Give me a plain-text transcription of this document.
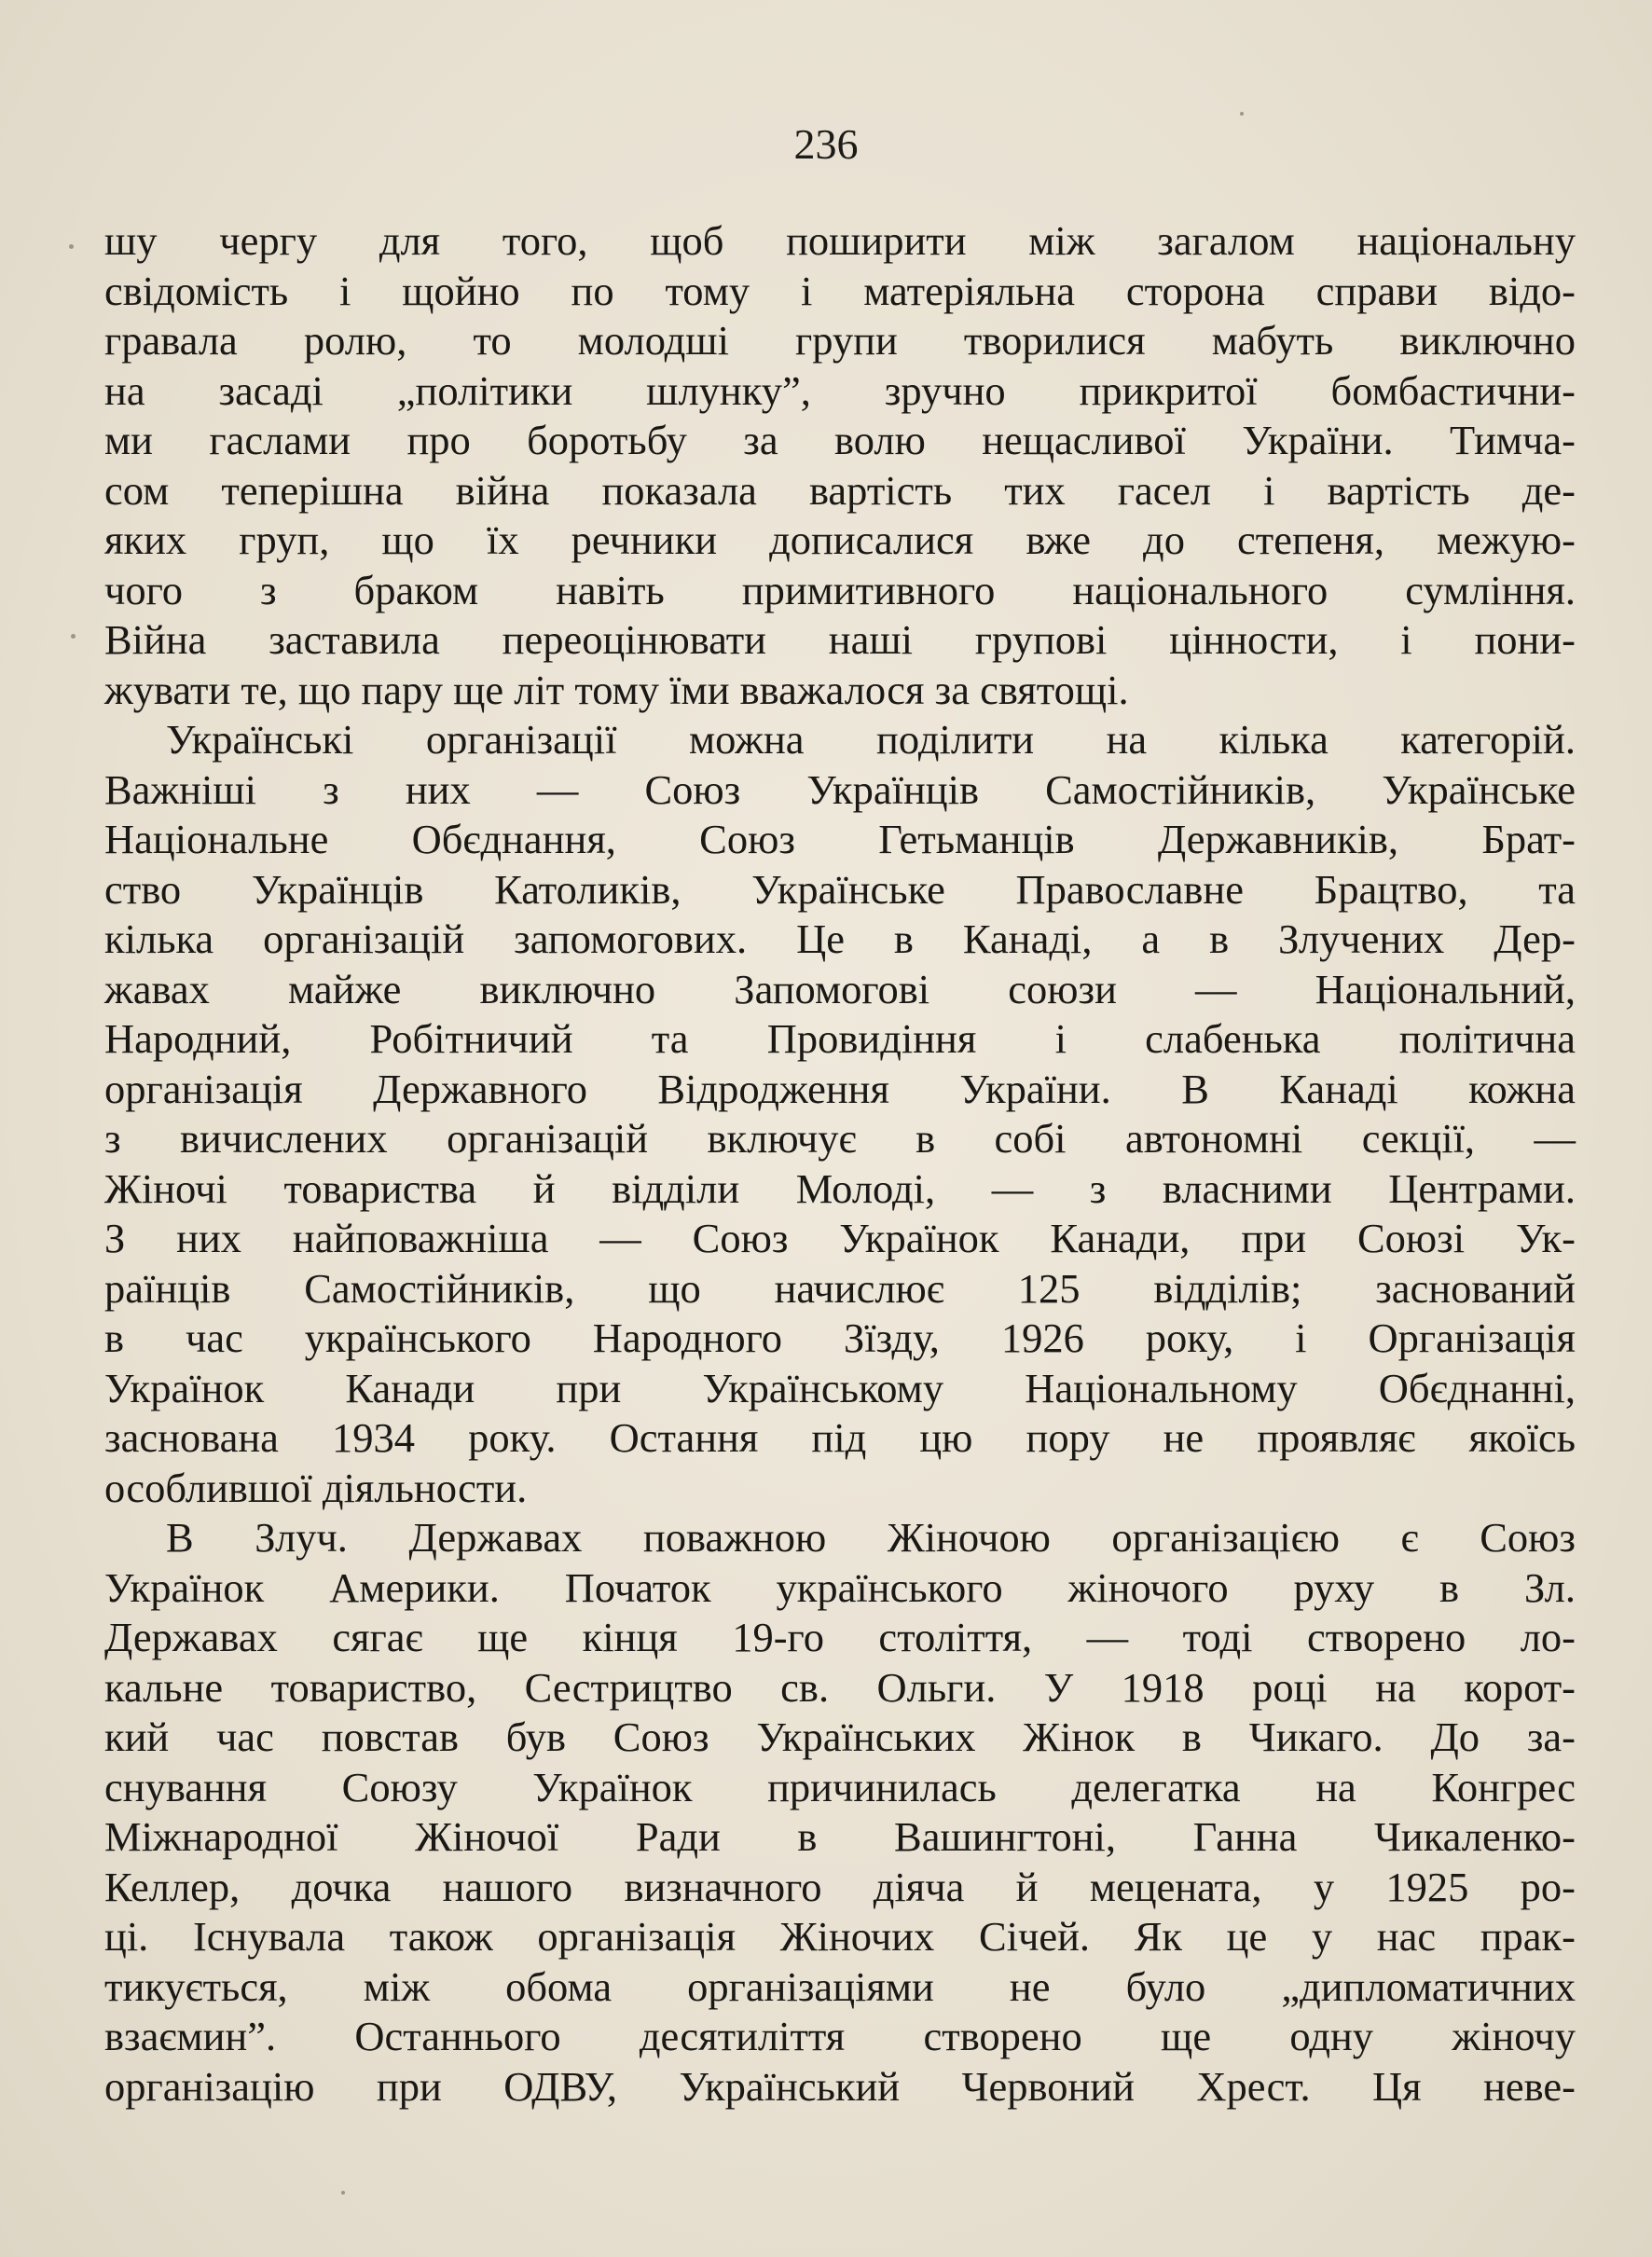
236
шу чергу для того, щоб поширити між загалом національну
свідомість і щойно по тому і матеріяльна сторона справи відо-
гравала ролю, то молодші групи творилися мабуть виключно
на засаді „політики шлунку”, зручно прикритої бомбастични-
ми гаслами про боротьбу за волю нещасливої України. Тимча-
сом теперішна війна показала вартість тих гасел і вартість де-
яких груп, що їх речники дописалися вже до степеня, межую-
чого з браком навіть примитивного національного сумління.
Війна заставила переоцінювати наші групові цінности, і пони-
жувати те, що пару ще літ тому їми вважалося за святощі.
Українські організації можна поділити на кілька категорій.
Важніші з них — Союз Українців Самостійників, Українське
Національне Обєднання, Союз Гетьманців Державників, Брат-
ство Українців Католиків, Українське Православне Брацтво, та
кілька організацій запомогових. Це в Канаді, а в Злучених Дер-
жавах майже виключно Запомогові союзи — Національний,
Народний, Робітничий та Провидіння і слабенька політична
організація Державного Відродження України. В Канаді кожна
з вичислених організацій включує в собі автономні секції, —
Жіночі товариства й відділи Молоді, — з власними Центрами.
З них найповажніша — Союз Українок Канади, при Союзі Ук-
раїнців Самостійників, що начислює 125 відділів; заснований
в час українського Народного Зїзду, 1926 року, і Організація
Українок Канади при Українському Національному Обєднанні,
заснована 1934 року. Остання під цю пору не проявляє якоїсь
особлившої діяльности.
В Злуч. Державах поважною Жіночою організацією є Союз
Українок Америки. Початок українського жіночого руху в Зл.
Державах сягає ще кінця 19-го століття, — тоді створено ло-
кальне товариство, Сестрицтво св. Ольги. У 1918 році на корот-
кий час повстав був Союз Українських Жінок в Чикаго. До за-
снування Союзу Українок причинилась делегатка на Конгрес
Міжнародної Жіночої Ради в Вашингтоні, Ганна Чикаленко-
Келлер, дочка нашого визначного діяча й мецената, у 1925 ро-
ці. Існувала також організація Жіночих Січей. Як це у нас прак-
тикується, між обома організаціями не було „дипломатичних
взаємин”. Останнього десятиліття створено ще одну жіночу
організацію при ОДВУ, Український Червоний Хрест. Ця неве-
